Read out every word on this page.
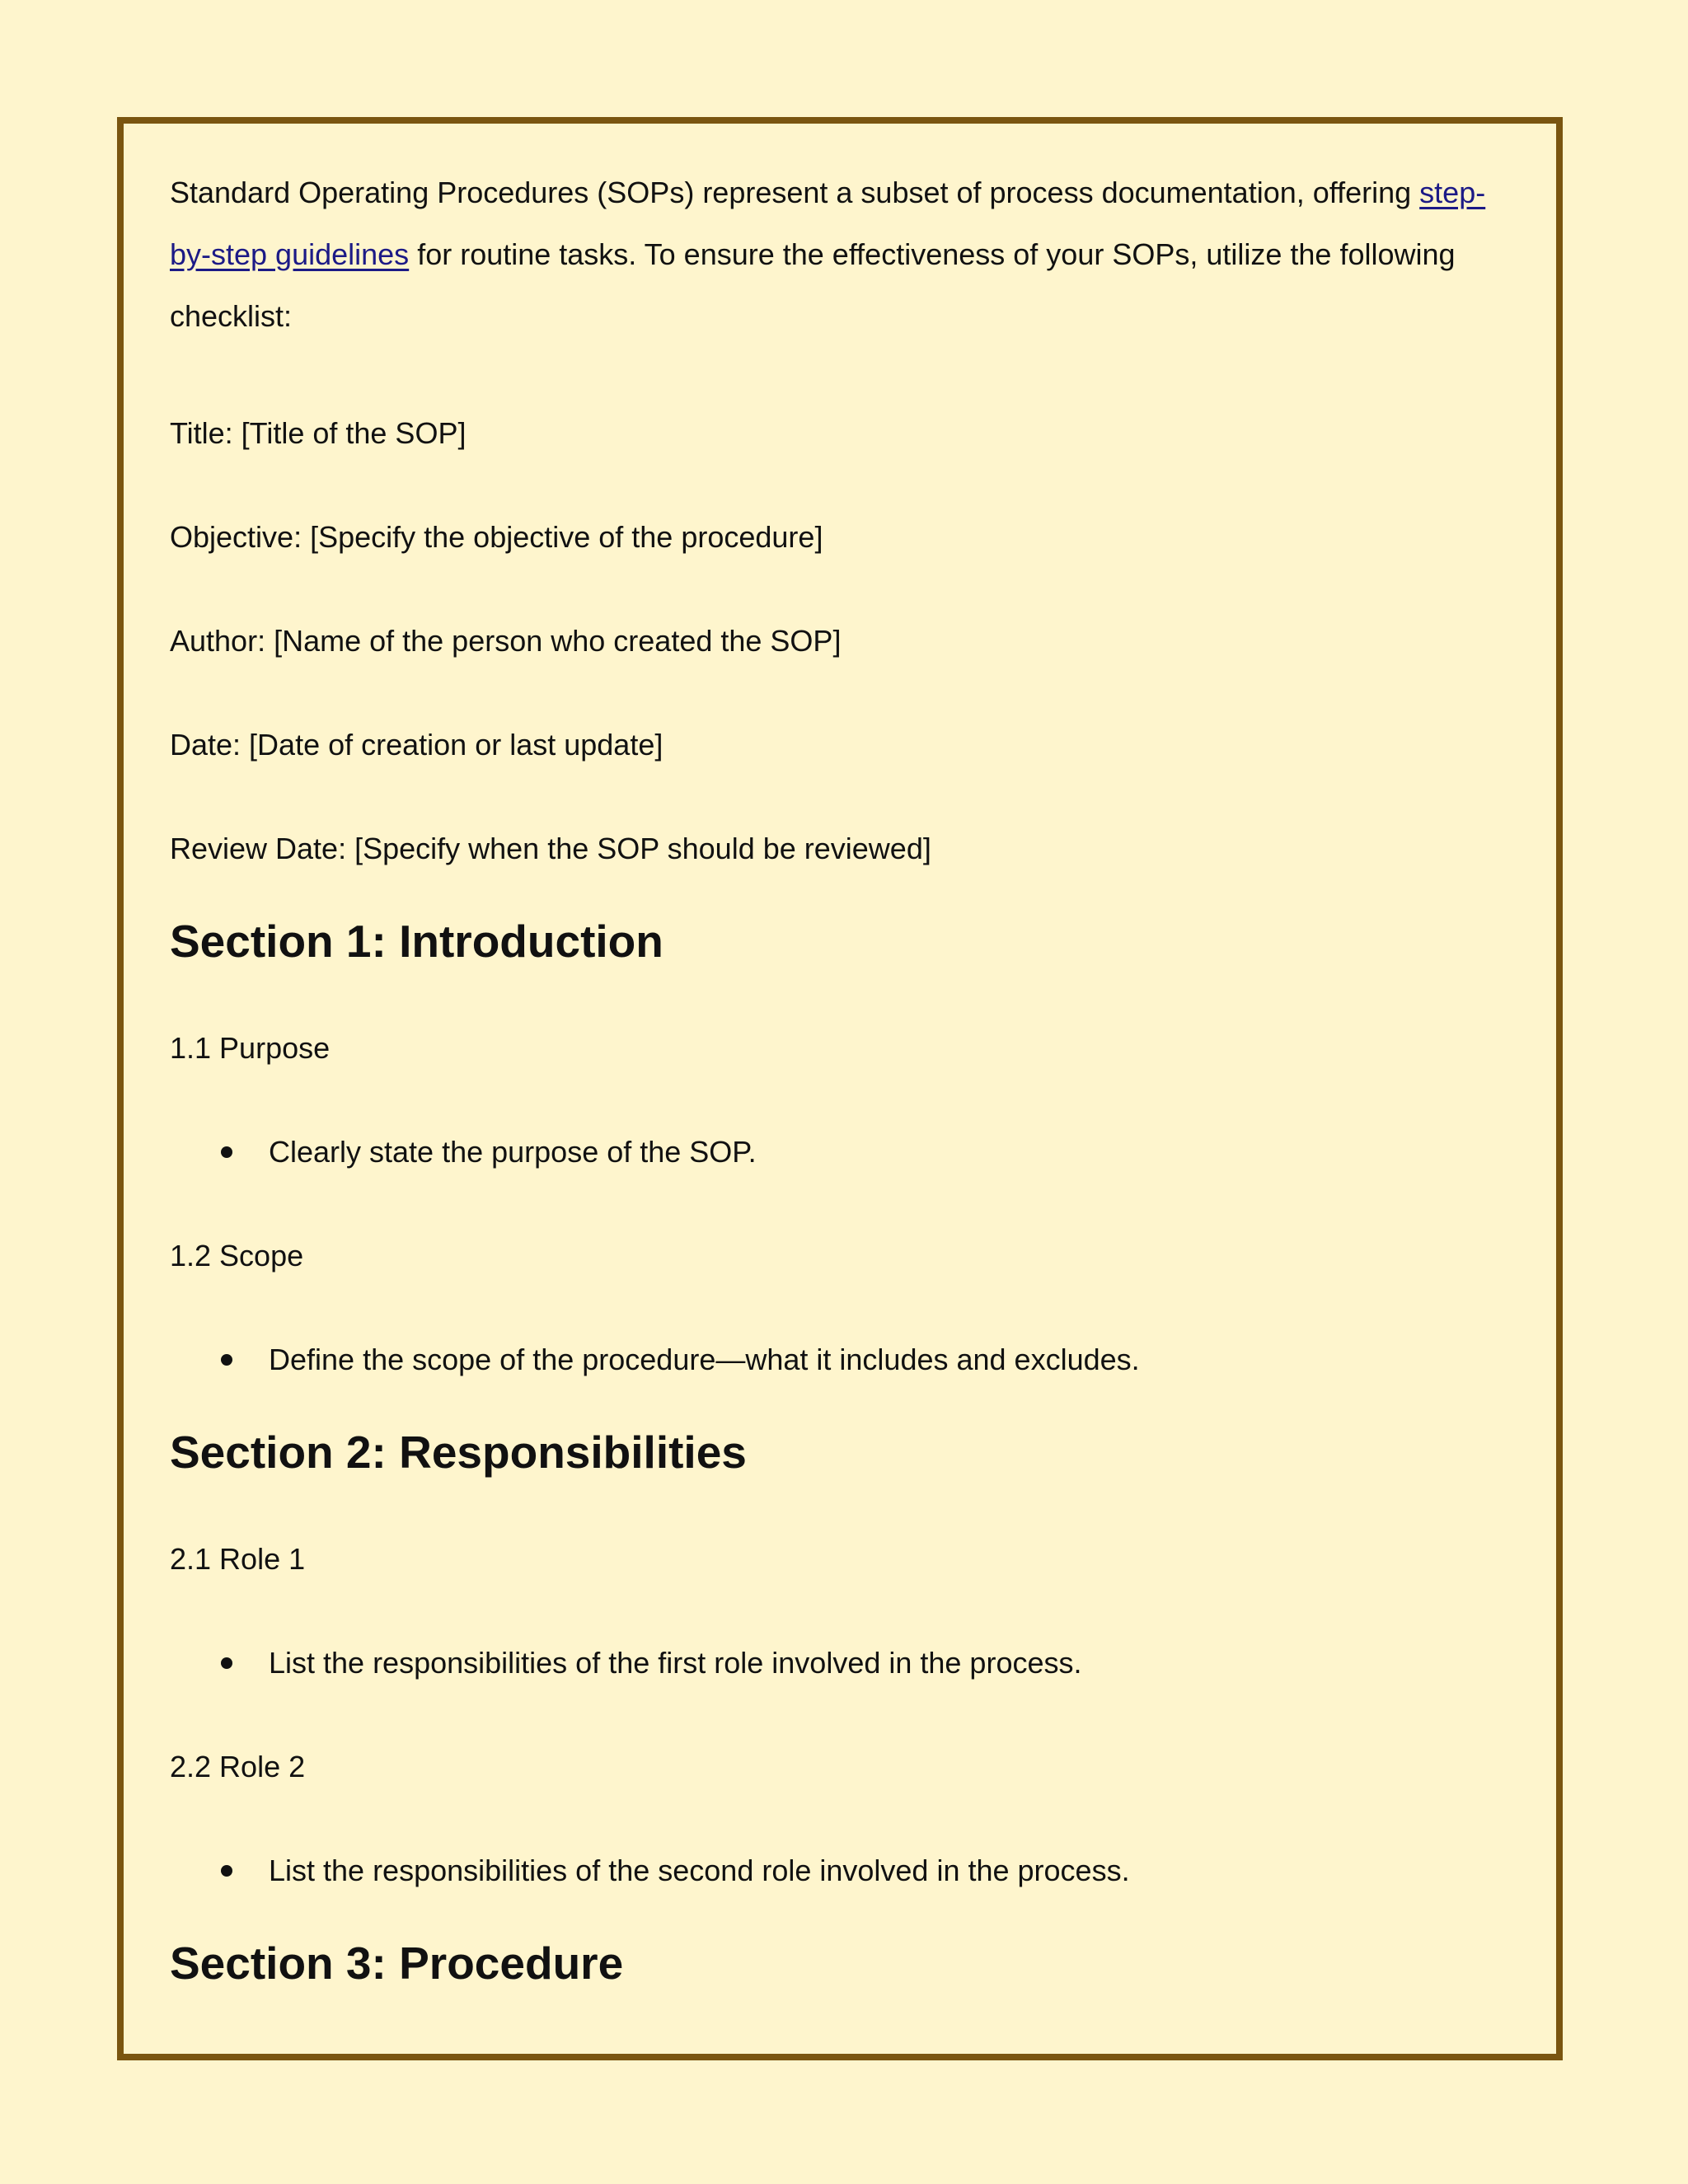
Standard Operating Procedures (SOPs) represent a subset of process documentation, offering step-by-step guidelines for routine tasks. To ensure the effectiveness of your SOPs, utilize the following checklist:

Title: [Title of the SOP]

Objective: [Specify the objective of the procedure]

Author: [Name of the person who created the SOP]

Date: [Date of creation or last update]

Review Date: [Specify when the SOP should be reviewed]

Section 1: Introduction

1.1 Purpose

Clearly state the purpose of the SOP.

1.2 Scope

Define the scope of the procedure—what it includes and excludes.

Section 2: Responsibilities

2.1 Role 1

List the responsibilities of the first role involved in the process.

2.2 Role 2

List the responsibilities of the second role involved in the process.

Section 3: Procedure
